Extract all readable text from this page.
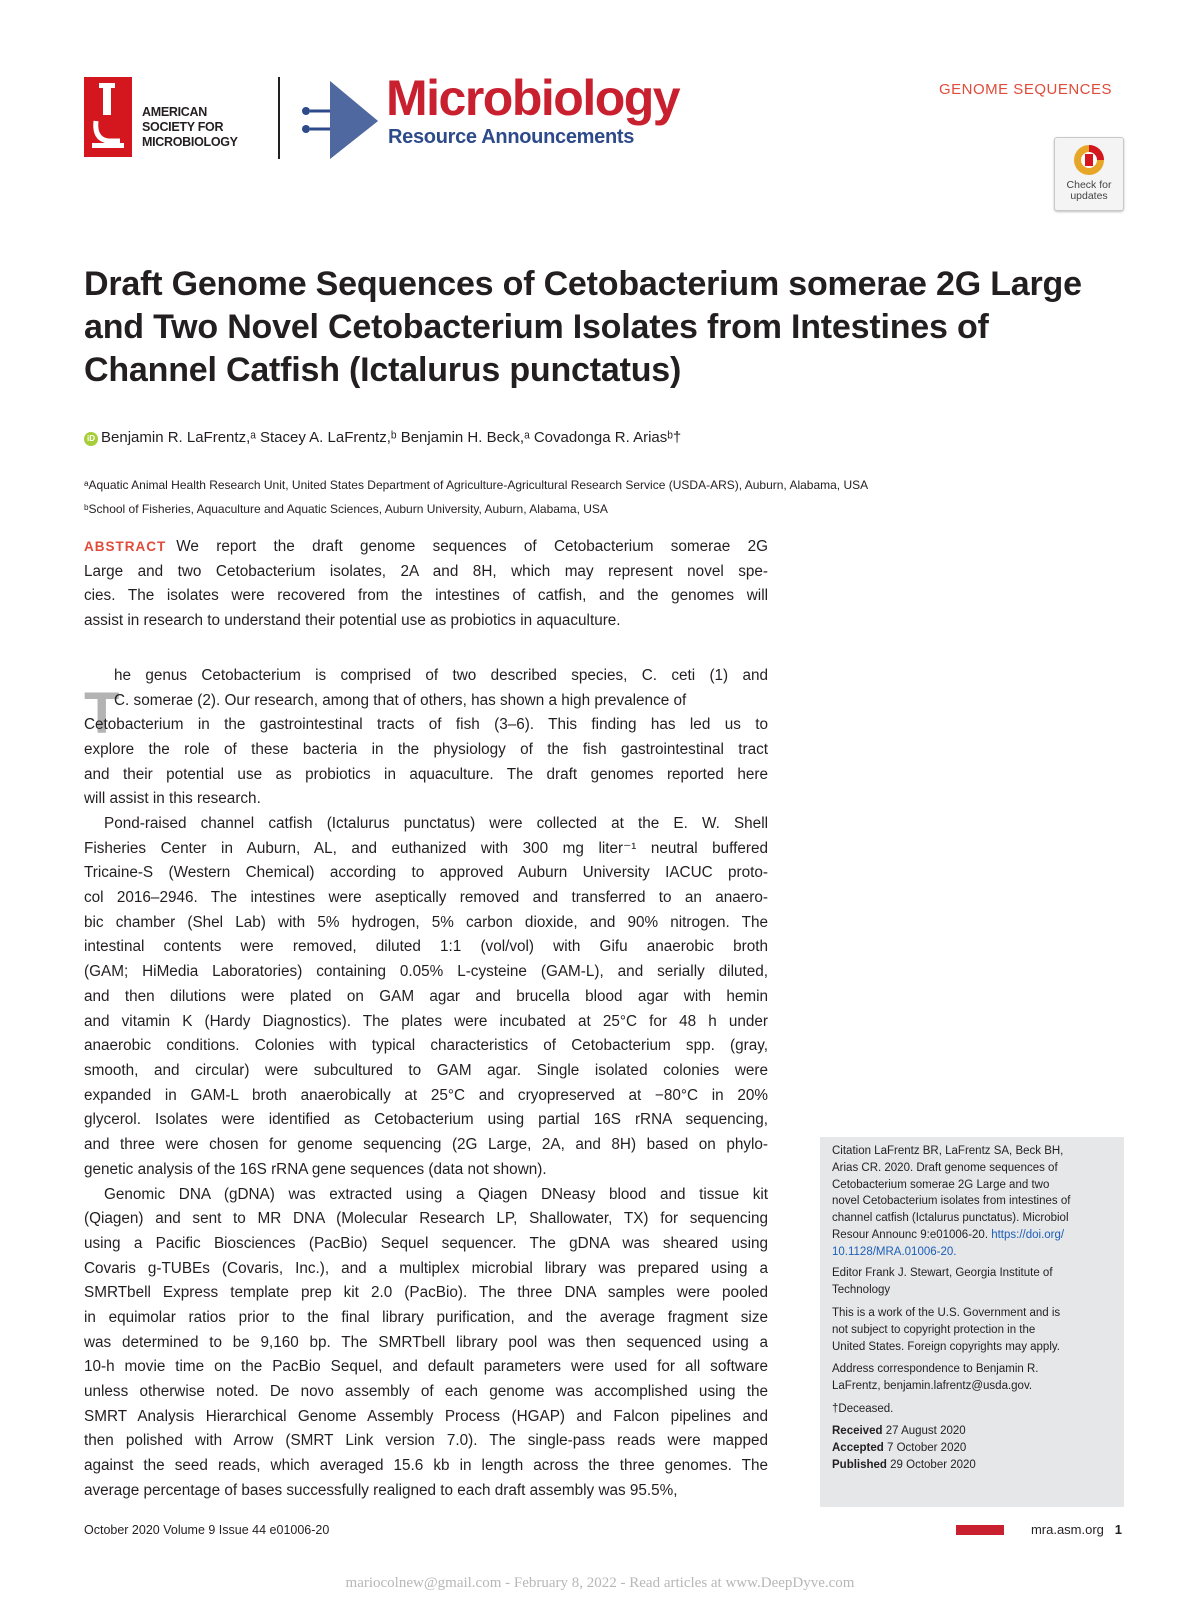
AMERICAN
SOCIETY FOR
MICROBIOLOGY
Microbiology
Resource Announcements
GENOME SEQUENCES
Check for
updates
Draft Genome Sequences of Cetobacterium somerae 2G Large
and Two Novel Cetobacterium Isolates from Intestines of
Channel Catfish (Ictalurus punctatus)
iD Benjamin R. LaFrentz,ᵃ Stacey A. LaFrentz,ᵇ Benjamin H. Beck,ᵃ Covadonga R. Ariasᵇ†
ᵃAquatic Animal Health Research Unit, United States Department of Agriculture-Agricultural Research Service (USDA-ARS), Auburn, Alabama, USA
ᵇSchool of Fisheries, Aquaculture and Aquatic Sciences, Auburn University, Auburn, Alabama, USA
ABSTRACT We report the draft genome sequences of Cetobacterium somerae 2G
Large and two Cetobacterium isolates, 2A and 8H, which may represent novel spe-
cies. The isolates were recovered from the intestines of catfish, and the genomes will
assist in research to understand their potential use as probiotics in aquaculture.
T
he genus Cetobacterium is comprised of two described species, C. ceti (1) and
C. somerae (2). Our research, among that of others, has shown a high prevalence of
Cetobacterium in the gastrointestinal tracts of fish (3–6). This finding has led us to
explore the role of these bacteria in the physiology of the fish gastrointestinal tract
and their potential use as probiotics in aquaculture. The draft genomes reported here
will assist in this research.
Pond-raised channel catfish (Ictalurus punctatus) were collected at the E. W. Shell
Fisheries Center in Auburn, AL, and euthanized with 300 mg liter⁻¹ neutral buffered
Tricaine-S (Western Chemical) according to approved Auburn University IACUC proto-
col 2016–2946. The intestines were aseptically removed and transferred to an anaero-
bic chamber (Shel Lab) with 5% hydrogen, 5% carbon dioxide, and 90% nitrogen. The
intestinal contents were removed, diluted 1:1 (vol/vol) with Gifu anaerobic broth
(GAM; HiMedia Laboratories) containing 0.05% L-cysteine (GAM-L), and serially diluted,
and then dilutions were plated on GAM agar and brucella blood agar with hemin
and vitamin K (Hardy Diagnostics). The plates were incubated at 25°C for 48 h under
anaerobic conditions. Colonies with typical characteristics of Cetobacterium spp. (gray,
smooth, and circular) were subcultured to GAM agar. Single isolated colonies were
expanded in GAM-L broth anaerobically at 25°C and cryopreserved at −80°C in 20%
glycerol. Isolates were identified as Cetobacterium using partial 16S rRNA sequencing,
and three were chosen for genome sequencing (2G Large, 2A, and 8H) based on phylo-
genetic analysis of the 16S rRNA gene sequences (data not shown).
Genomic DNA (gDNA) was extracted using a Qiagen DNeasy blood and tissue kit
(Qiagen) and sent to MR DNA (Molecular Research LP, Shallowater, TX) for sequencing
using a Pacific Biosciences (PacBio) Sequel sequencer. The gDNA was sheared using
Covaris g-TUBEs (Covaris, Inc.), and a multiplex microbial library was prepared using a
SMRTbell Express template prep kit 2.0 (PacBio). The three DNA samples were pooled
in equimolar ratios prior to the final library purification, and the average fragment size
was determined to be 9,160 bp. The SMRTbell library pool was then sequenced using a
10-h movie time on the PacBio Sequel, and default parameters were used for all software
unless otherwise noted. De novo assembly of each genome was accomplished using the
SMRT Analysis Hierarchical Genome Assembly Process (HGAP) and Falcon pipelines and
then polished with Arrow (SMRT Link version 7.0). The single-pass reads were mapped
against the seed reads, which averaged 15.6 kb in length across the three genomes. The
average percentage of bases successfully realigned to each draft assembly was 95.5%,
Citation LaFrentz BR, LaFrentz SA, Beck BH,
Arias CR. 2020. Draft genome sequences of
Cetobacterium somerae 2G Large and two
novel Cetobacterium isolates from intestines of
channel catfish (Ictalurus punctatus). Microbiol
Resour Announc 9:e01006-20. https://doi.org/
10.1128/MRA.01006-20.
Editor Frank J. Stewart, Georgia Institute of
Technology
This is a work of the U.S. Government and is
not subject to copyright protection in the
United States. Foreign copyrights may apply.
Address correspondence to Benjamin R.
LaFrentz, benjamin.lafrentz@usda.gov.
†Deceased.
Received 27 August 2020
Accepted 7 October 2020
Published 29 October 2020
October 2020 Volume 9 Issue 44 e01006-20	mra.asm.org 1
mariocolnew@gmail.com - February 8, 2022 - Read articles at www.DeepDyve.com
